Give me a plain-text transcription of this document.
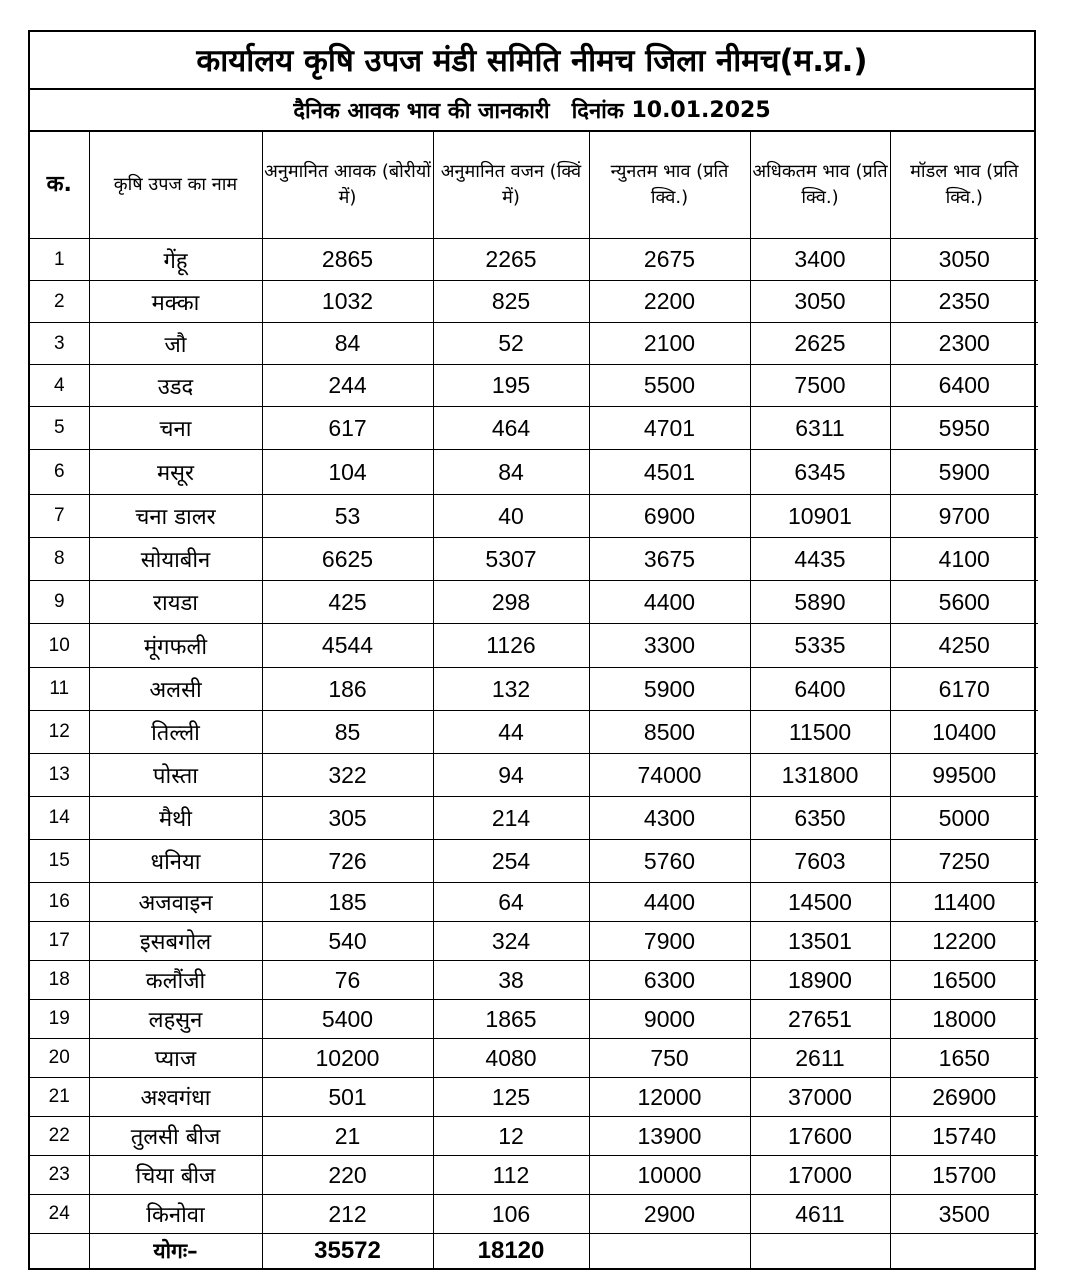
कार्यालय कृषि उपज मंडी समिति नीमच जिला नीमच(म.प्र.)
दैनिक आवक भाव की जानकारी दिनांक
10.01.2025
क.	कृषि उपज का नाम	अनुमानित आवक (बोरीयों में)	अनुमानित वजन (क्विं में)	न्युनतम भाव (प्रति क्वि.)	अधिकतम भाव (प्रति क्वि.)	मॉडल भाव (प्रति क्वि.)
1	गेंहू	2865	2265	2675	3400	3050
2	मक्का	1032	825	2200	3050	2350
3	जौ	84	52	2100	2625	2300
4	उडद	244	195	5500	7500	6400
5	चना	617	464	4701	6311	5950
6	मसूर	104	84	4501	6345	5900
7	चना डालर	53	40	6900	10901	9700
8	सोयाबीन	6625	5307	3675	4435	4100
9	रायडा	425	298	4400	5890	5600
10	मूंगफली	4544	1126	3300	5335	4250
11	अलसी	186	132	5900	6400	6170
12	तिल्ली	85	44	8500	11500	10400
13	पोस्ता	322	94	74000	131800	99500
14	मैथी	305	214	4300	6350	5000
15	धनिया	726	254	5760	7603	7250
16	अजवाइन	185	64	4400	14500	11400
17	इसबगोल	540	324	7900	13501	12200
18	कलौंजी	76	38	6300	18900	16500
19	लहसुन	5400	1865	9000	27651	18000
20	प्याज	10200	4080	750	2611	1650
21	अश्वगंधा	501	125	12000	37000	26900
22	तुलसी बीज	21	12	13900	17600	15740
23	चिया बीज	220	112	10000	17000	15700
24	किनोवा	212	106	2900	4611	3500
	योगः–	35572	18120			
